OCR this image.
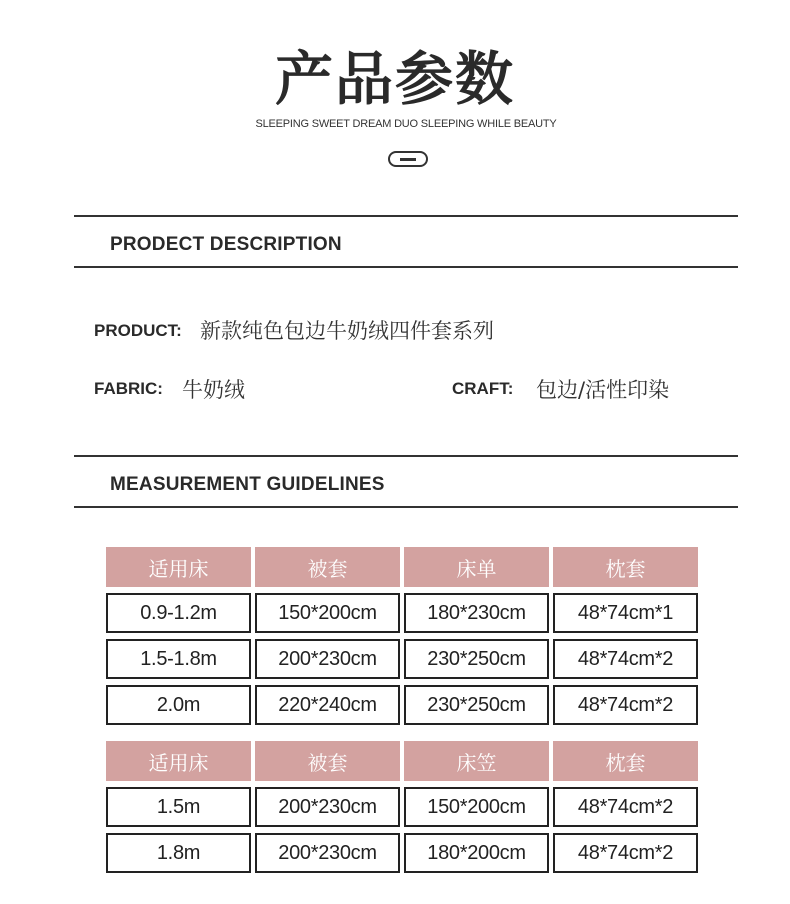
产品参数
SLEEPING SWEET DREAM DUO SLEEPING WHILE BEAUTY
PRODECT DESCRIPTION
PRODUCT: 新款纯色包边牛奶绒四件套系列
FABRIC: 牛奶绒	CRAFT: 包边/活性印染
MEASUREMENT GUIDELINES
适用床	被套	床单	枕套
0.9-1.2m	150*200cm	180*230cm	48*74cm*1
1.5-1.8m	200*230cm	230*250cm	48*74cm*2
2.0m	220*240cm	230*250cm	48*74cm*2
适用床	被套	床笠	枕套
1.5m	200*230cm	150*200cm	48*74cm*2
1.8m	200*230cm	180*200cm	48*74cm*2
